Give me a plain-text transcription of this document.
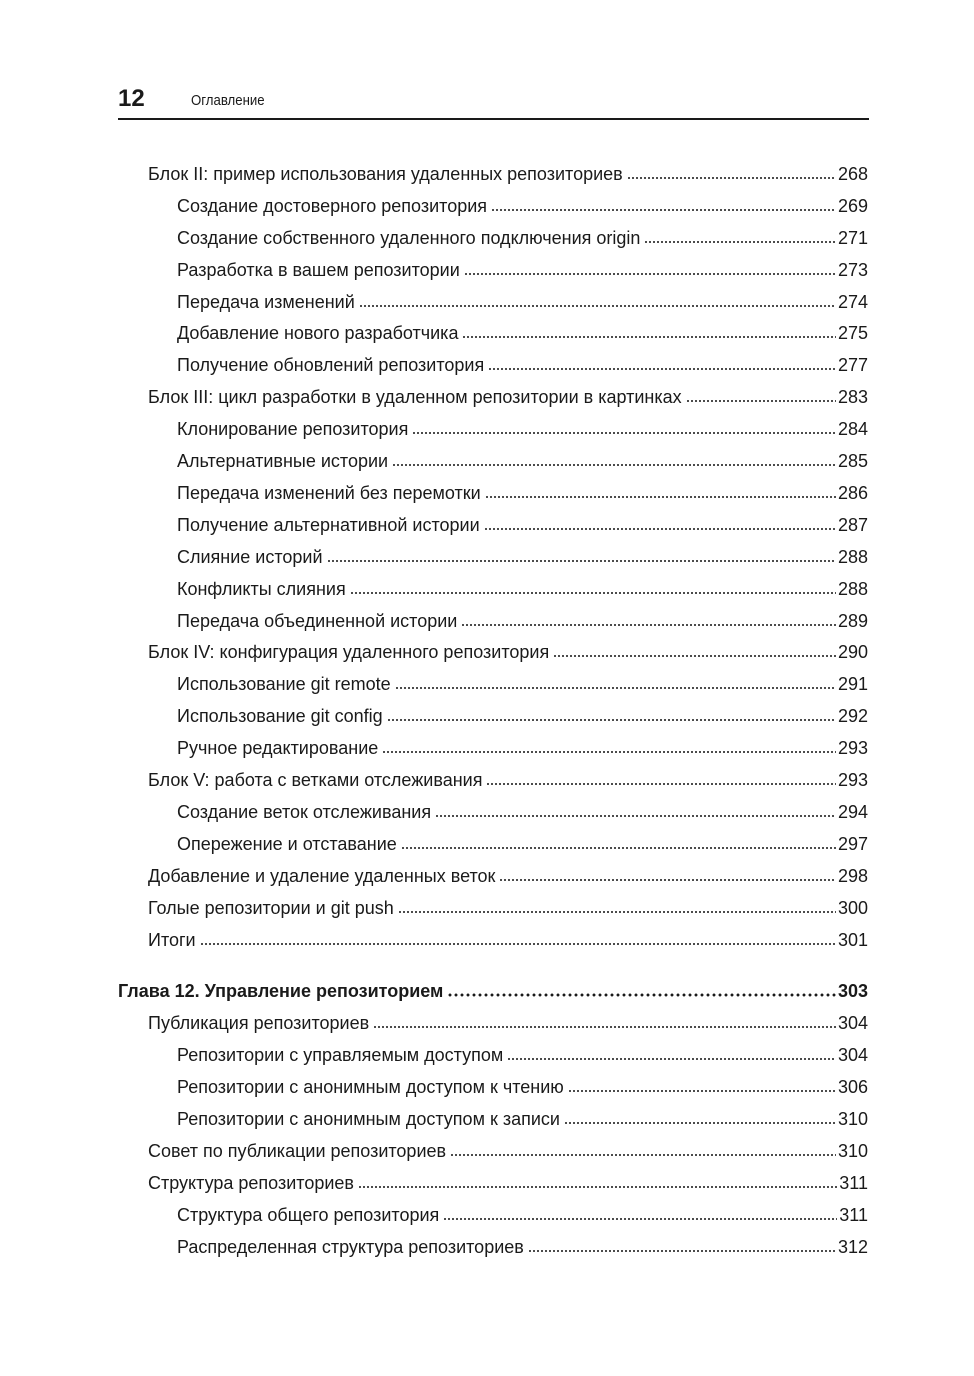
12	Оглавление
Блок II: пример использования удаленных репозиториев	268
Создание достоверного репозитория	269
Создание собственного удаленного подключения origin	271
Разработка в вашем репозитории	273
Передача изменений	274
Добавление нового разработчика	275
Получение обновлений репозитория	277
Блок III: цикл разработки в удаленном репозитории в картинках	283
Клонирование репозитория	284
Альтернативные истории	285
Передача изменений без перемотки	286
Получение альтернативной истории	287
Слияние историй	288
Конфликты слияния	288
Передача объединенной истории	289
Блок IV: конфигурация удаленного репозитория	290
Использование git remote	291
Использование git config	292
Ручное редактирование	293
Блок V: работа с ветками отслеживания	293
Создание веток отслеживания	294
Опережение и отставание	297
Добавление и удаление удаленных веток	298
Голые репозитории и git push	300
Итоги	301
Глава 12. Управление репозиторием	303
Публикация репозиториев	304
Репозитории с управляемым доступом	304
Репозитории с анонимным доступом к чтению	306
Репозитории с анонимным доступом к записи	310
Совет по публикации репозиториев	310
Структура репозиториев	311
Структура общего репозитория	311
Распределенная структура репозиториев	312
